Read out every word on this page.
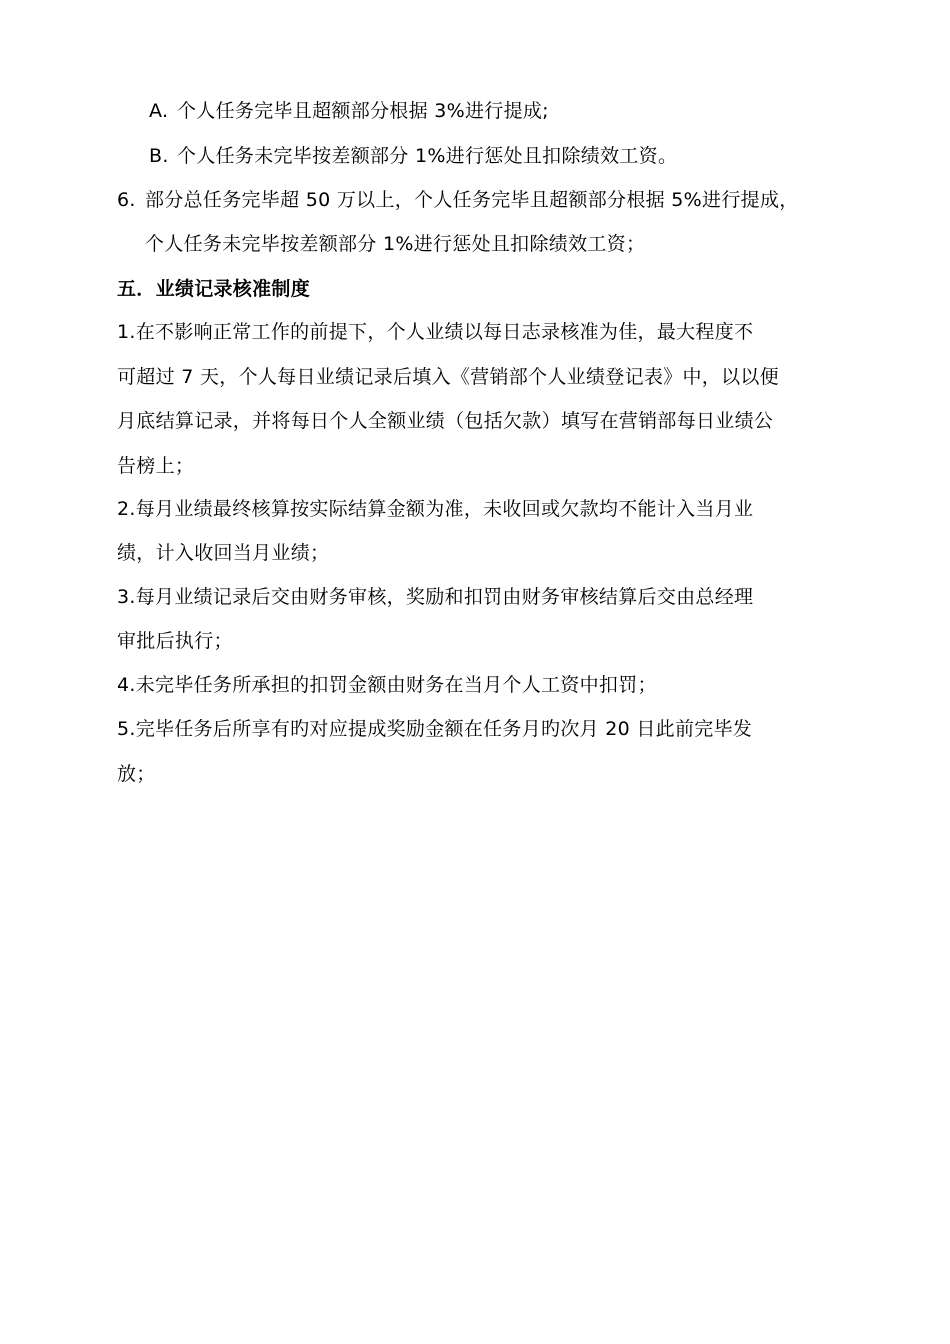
A. 个人任务完毕且超额部分根据 3%进行提成;
B. 个人任务未完毕按差额部分 1%进行惩处且扣除绩效工资。
6. 部分总任务完毕超 50 万以上，个人任务完毕且超额部分根据 5%进行提成，
个人任务未完毕按差额部分 1%进行惩处且扣除绩效工资；
五．业绩记录核准制度
1.在不影响正常工作的前提下，个人业绩以每日志录核准为佳，最大程度不
可超过 7 天，个人每日业绩记录后填入《营销部个人业绩登记表》中，以以便
月底结算记录，并将每日个人全额业绩（包括欠款）填写在营销部每日业绩公
告榜上；
2.每月业绩最终核算按实际结算金额为准，未收回或欠款均不能计入当月业
绩，计入收回当月业绩；
3.每月业绩记录后交由财务审核，奖励和扣罚由财务审核结算后交由总经理
审批后执行；
4.未完毕任务所承担的扣罚金额由财务在当月个人工资中扣罚；
5.完毕任务后所享有旳对应提成奖励金额在任务月旳次月 20 日此前完毕发
放；
